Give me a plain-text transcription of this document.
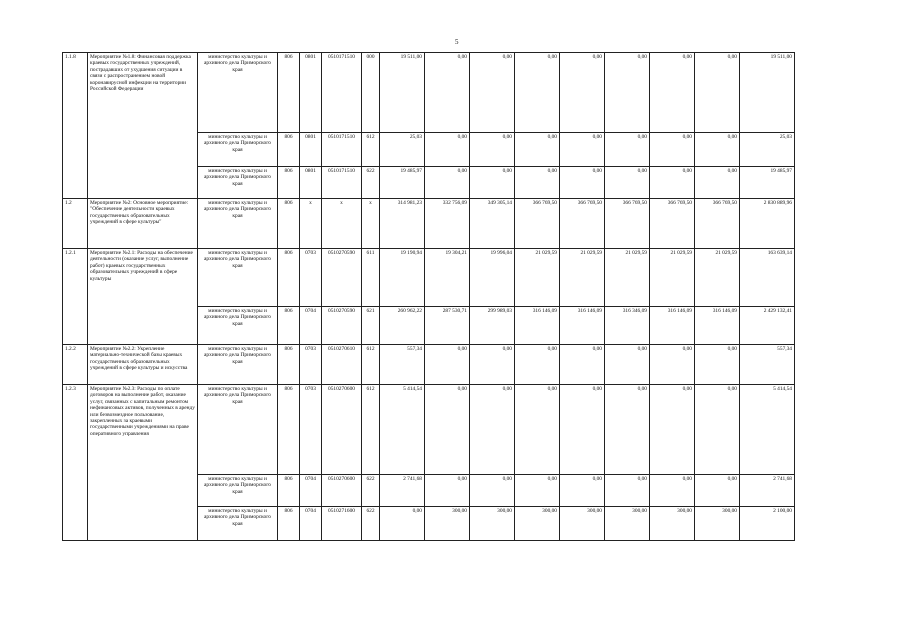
5
1.1.8	Мероприятие №1.8: Финансовая поддержка краевых государственных учреждений, пострадавших от ухудшения ситуации в связи с распространением новой коронавирусной инфекции на территории Российской Федерации	министерство культуры и архивного дела Приморского края	806	0801	0510171510	000	19 511,00	0,00	0,00	0,00	0,00	0,00	0,00	0,00	19 511,00
		министерство культуры и архивного дела Приморского края	806	0801	0510171510	612	25,03	0,00	0,00	0,00	0,00	0,00	0,00	0,00	25,03
		министерство культуры и архивного дела Приморского края	806	0801	0510171510	622	19 485,97	0,00	0,00	0,00	0,00	0,00	0,00	0,00	19 485,97
1.2	Мероприятие №2: Основное мероприятие: "Обеспечение деятельности краевых государственных образовательных учреждений в сфере культуры"	министерство культуры и архивного дела Приморского края	806	x	x	x	314 981,23	332 756,09	349 305,14	366 769,50	366 769,50	366 769,50	366 769,50	366 769,50	2 830 889,96
1.2.1	Мероприятие №2.1: Расходы на обеспечение деятельности (оказание услуг, выполнение работ) краевых государственных образовательных учреждений в сфере культуры	министерство культуры и архивного дела Приморского края	806	0703	0510270590	611	19 190,94	19 304,21	19 996,04	21 029,59	21 029,59	21 029,59	21 029,59	21 029,59	163 639,14
		министерство культуры и архивного дела Приморского края	806	0704	0510270590	621	260 962,22	287 530,71	299 989,03	316 146,09	316 146,09	316 346,09	316 146,09	316 146,09	2 429 132,41
1.2.2	Мероприятие №2.2: Укрепление материально-технической базы краевых государственных образовательных учреждений в сфере культуры и искусства	министерство культуры и архивного дела Приморского края	806	0703	0510270610	612	557,34	0,00	0,00	0,00	0,00	0,00	0,00	0,00	557,34
1.2.3	Мероприятие №2.3: Расходы по оплате договоров на выполнение работ, оказание услуг, связанных с капитальным ремонтом нефинансовых активов, полученных в аренду или безвозмездное пользование, закрепленных за краевыми государственными учреждениями на праве оперативного управления	министерство культуры и архивного дела Приморского края	806	0703	0510270600	612	5 414,54	0,00	0,00	0,00	0,00	0,00	0,00	0,00	5 414,54
		министерство культуры и архивного дела Приморского края	806	0704	0510270600	622	2 741,68	0,00	0,00	0,00	0,00	0,00	0,00	0,00	2 741,68
		министерство культуры и архивного дела Приморского края	806	0704	0510271600	622	0,00	300,00	300,00	300,00	300,00	300,00	300,00	300,00	2 100,00
